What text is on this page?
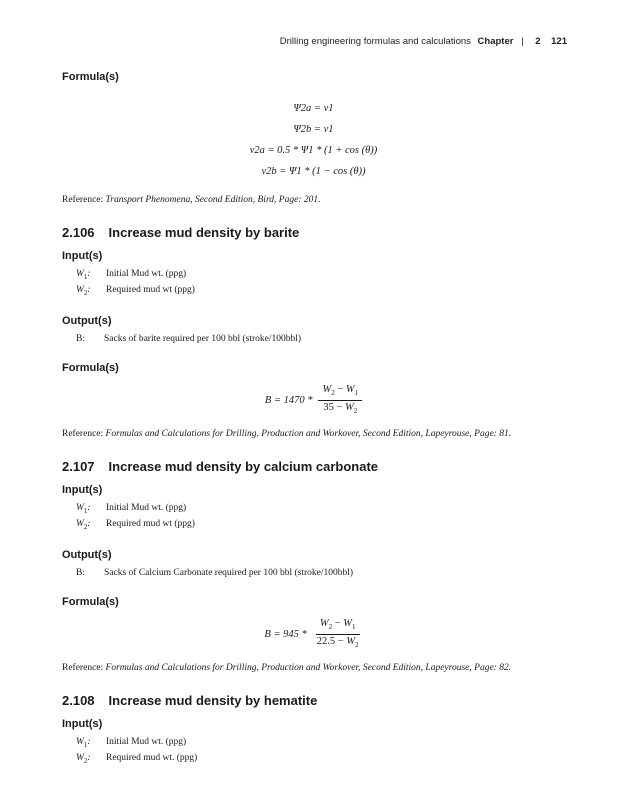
Drilling engineering formulas and calculations Chapter | 2 121

Formula(s)

Ψ2a = v1
Ψ2b = v1
v2a = 0.5 * Ψ1 * (1 + cos (θ))
v2b = Ψ1 * (1 − cos (θ))

Reference: Transport Phenomena, Second Edition, Bird, Page: 201.

2.106 Increase mud density by barite

Input(s)

$W_1$:	Initial Mud wt. (ppg)
$W_2$:	Required mud wt (ppg)

Output(s)

B:	Sacks of barite required per 100 bbl (stroke/100bbl)

Formula(s)

$B = 1470 * \frac{W_2 - W_1}{35 - W_2}$

Reference: Formulas and Calculations for Drilling, Production and Workover, Second Edition, Lapeyrouse, Page: 81.

2.107 Increase mud density by calcium carbonate

Input(s)

$W_1$:	Initial Mud wt. (ppg)
$W_2$:	Required mud wt (ppg)

Output(s)

B:	Sacks of Calcium Carbonate required per 100 bbl (stroke/100bbl)

Formula(s)

$B = 945 * \frac{W_2 - W_1}{22.5 - W_2}$

Reference: Formulas and Calculations for Drilling, Production and Workover, Second Edition, Lapeyrouse, Page: 82.

2.108 Increase mud density by hematite

Input(s)

$W_1$:	Initial Mud wt. (ppg)
$W_2$:	Required mud wt. (ppg)
